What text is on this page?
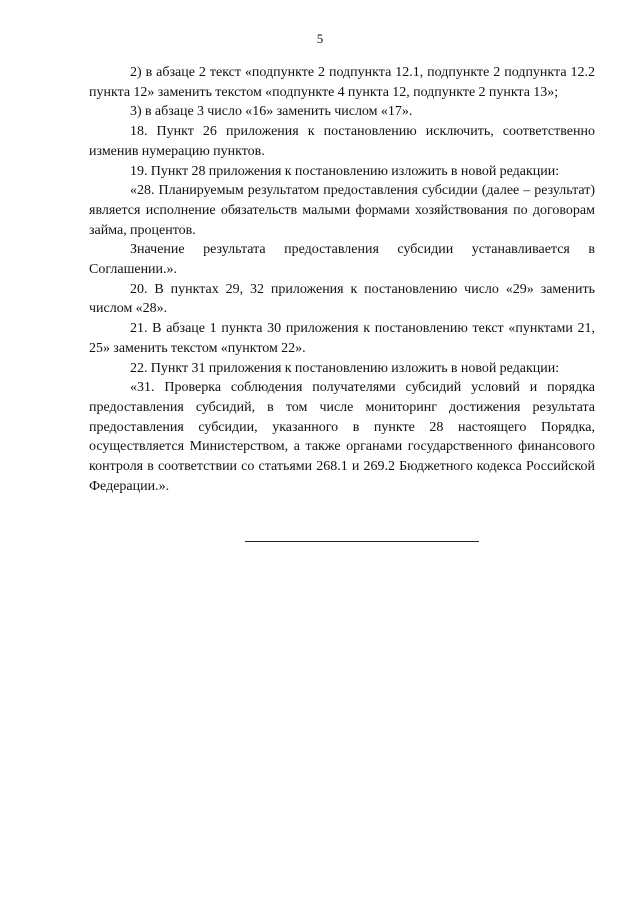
5

2) в абзаце 2 текст «подпункте 2 подпункта 12.1, подпункте 2 подпункта 12.2 пункта 12» заменить текстом «подпункте 4 пункта 12, подпункте 2 пункта 13»;

3) в абзаце 3 число «16» заменить числом «17».

18. Пункт 26 приложения к постановлению исключить, соответственно изменив нумерацию пунктов.

19. Пункт 28 приложения к постановлению изложить в новой редакции:

«28. Планируемым результатом предоставления субсидии (далее – результат) является исполнение обязательств малыми формами хозяйствования по договорам займа, процентов.

Значение результата предоставления субсидии устанавливается в Соглашении.».

20. В пунктах 29, 32 приложения к постановлению число «29» заменить числом «28».

21. В абзаце 1 пункта 30 приложения к постановлению текст «пунктами 21, 25» заменить текстом «пунктом 22».

22. Пункт 31 приложения к постановлению изложить в новой редакции:

«31. Проверка соблюдения получателями субсидий условий и порядка предоставления субсидий, в том числе мониторинг достижения результата предоставления субсидии, указанного в пункте 28 настоящего Порядка, осуществляется Министерством, а также органами государственного финансового контроля в соответствии со статьями 268.1 и 269.2 Бюджетного кодекса Российской Федерации.».
